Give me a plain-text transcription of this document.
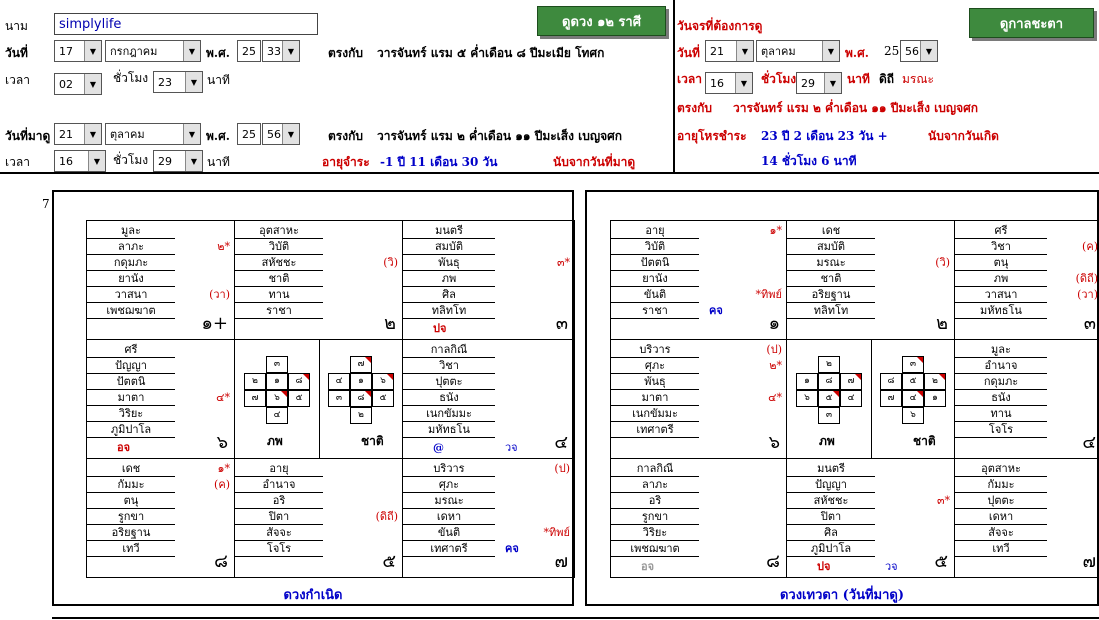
นาม
simplylife	ดูดวง ๑๒ ราศี
วันที่	17	▼	กรกฎาคม	▼ พ.ศ. 25 33 ▼	ตรงกับ วารจันทร์ แรม ๕ ค่ำเดือน ๘ ปีมะเมีย โทศก
เวลา	02	▼	ชั่วโมง 23	▼ นาที
วันที่มาดู 21	▼	ตุลาคม	▼ พ.ศ. 25 56 ▼	ตรงกับ วารจันทร์ แรม ๒ ค่ำเดือน ๑๑ ปีมะเส็ง เบญจศก
เวลา	16	▼	ชั่วโมง 29	▼ นาที	อายุจำระ -1 ปี 11 เดือน 30 วัน	นับจากวันที่มาดู
วันจรที่ต้องการดู	ดูกาลชะตา
วันที่ 21	▼	ตุลาคม	▼ พ.ศ. 25 56 ▼
เวลา 16	▼	ชั่วโมง 29	▼ นาที ดิถี มรณะ
ตรงกับ วารจันทร์ แรม ๒ ค่ำเดือน ๑๑ ปีมะเส็ง เบญจศก
อายุโหรชำระ 23 ปี 2 เดือน 23 วัน +	นับจากวันเกิด
14 ชั่วโมง 6 นาที
7
ดวงกำเนิด	ดวงเทวดา (วันที่มาดู)
มูละ
ลาภะ	๒*
กดุมภะ
ยานัง
วาสนา	(วา)
เพชฌฆาต
๑+
อุตสาหะ
วิบัติ
สหัชชะ	(วิ)
ชาติ
ทาน
ราชา
๒
มนตรี
สมบัติ
พันธุ	๓*
ภพ
ศิล
ทลิทโท
๓
ปจ
ศรี
ปัญญา
ปัตตนิ
มาตา	๔*
วิริยะ
ภูมิปาโล
๖
อจ
๓
๒	๑	๘
๗	๖	๕
๔
ภพ
๗
๔	๑	๖
๓	๘	๕
๒
ชาติ
กาลกิณี
วิชา
ปุตตะ
ธนัง
เนกขัมมะ
มหัทธโน
๔
@	วจ
เดช	๑*
กัมมะ	(ค)
ตนุ
รูกขา
อริยฐาน
เทวี
๘
อายุ
อำนาจ
อริ
ปิตา	(ดิถี)
สัจจะ
โจโร
๕
บริวาร	(ป)
ศุภะ
มรณะ
เดหา
ขันติ	*ทิพย์
เทศาตรี
๗
คจ
อายุ	๑*
วิบัติ
ปัตตนิ
ยานัง
ขันติ	*ทิพย์
ราชา
๑
คจ
เดช
สมบัติ
มรณะ	(วิ)
ชาติ
อริยฐาน
ทลิทโท
๒
ศรี
วิชา	(ค)
ตนุ
ภพ	(ดิถี)
วาสนา	(วา)
มหัทธโน
๓
บริวาร	(ป)
ศุภะ	๒*
พันธุ
มาตา	๔*
เนกขัมมะ
เทศาตรี
๖
๒
๑	๘	๗
๖	๕	๔
๓
ภพ
๓
๘	๕	๒
๗	๔	๑
๖
ชาติ
มูละ
อำนาจ
กดุมภะ
ธนัง
ทาน
โจโร
๔
กาลกิณี
ลาภะ
อริ
รูกขา
วิริยะ
เพชฌฆาต
๘
อจ
มนตรี
ปัญญา
สหัชชะ	๓*
ปิตา
ศิล
ภูมิปาโล
๕
ปจ	วจ
อุตสาหะ
กัมมะ
ปุตตะ
เดหา
สัจจะ
เทวี
๗
